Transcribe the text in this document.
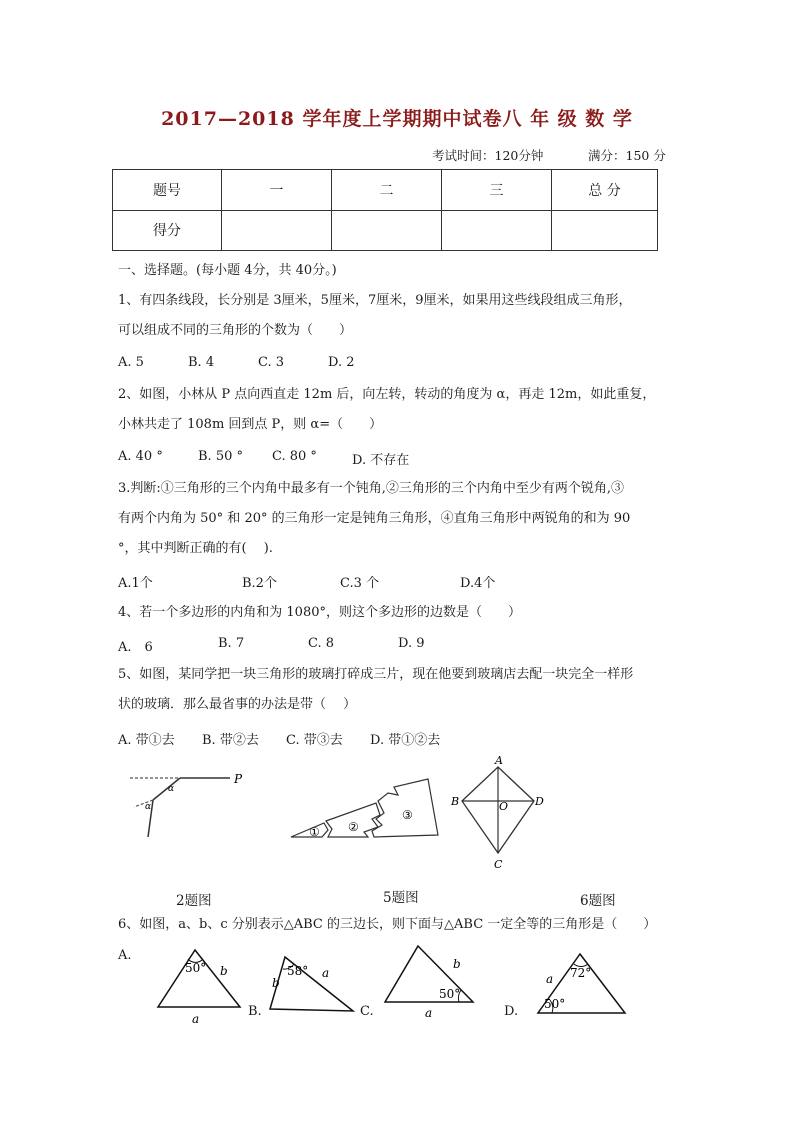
2017—2018 学年度上学期期中试卷八 年 级 数 学
考试时间：120分钟	满分：150 分
题号	一	二	三	总 分
得分				
一、选择题。(每小题 4分，共 40分。)
1、有四条线段，长分别是 3厘米，5厘米，7厘米，9厘米，如果用这些线段组成三角形，
可以组成不同的三角形的个数为（　　）
A. 5	B. 4	C. 3	D. 2
2、如图，小林从 P 点向西直走 12m 后，向左转，转动的角度为 α，再走 12m，如此重复，
小林共走了 108m 回到点 P，则 α=（　　）
A. 40 °	B. 50 ° C. 80 °	D. 不存在
3.判断:①三角形的三个内角中最多有一个钝角,②三角形的三个内角中至少有两个锐角,③
有两个内角为 50° 和 20° 的三角形一定是钝角三角形，④直角三角形中两锐角的和为 90
°，其中判断正确的有(　 ).
A.1个	B.2个	C.3 个	D.4个
4、若一个多边形的内角和为 1080°，则这个多边形的边数是（　　）
A.　6	B. 7	C. 8	D. 9
5、如图，某同学把一块三角形的玻璃打碎成三片，现在他要到玻璃店去配一块完全一样形
状的玻璃．那么最省事的办法是带（　 ）
A. 带①去 B. 带②去 C. 带③去 D. 带①②去
P
α
α
① ②
③
A
B
C
D
O
2题图	5题图	6题图
6、如图，a、b、c 分别表示△ABC 的三边长，则下面与△ABC 一定全等的三角形是（　　）
A.
B.	C.	D.
50° b
a
58°
b
a
b
50°
a
72°
50°
a
